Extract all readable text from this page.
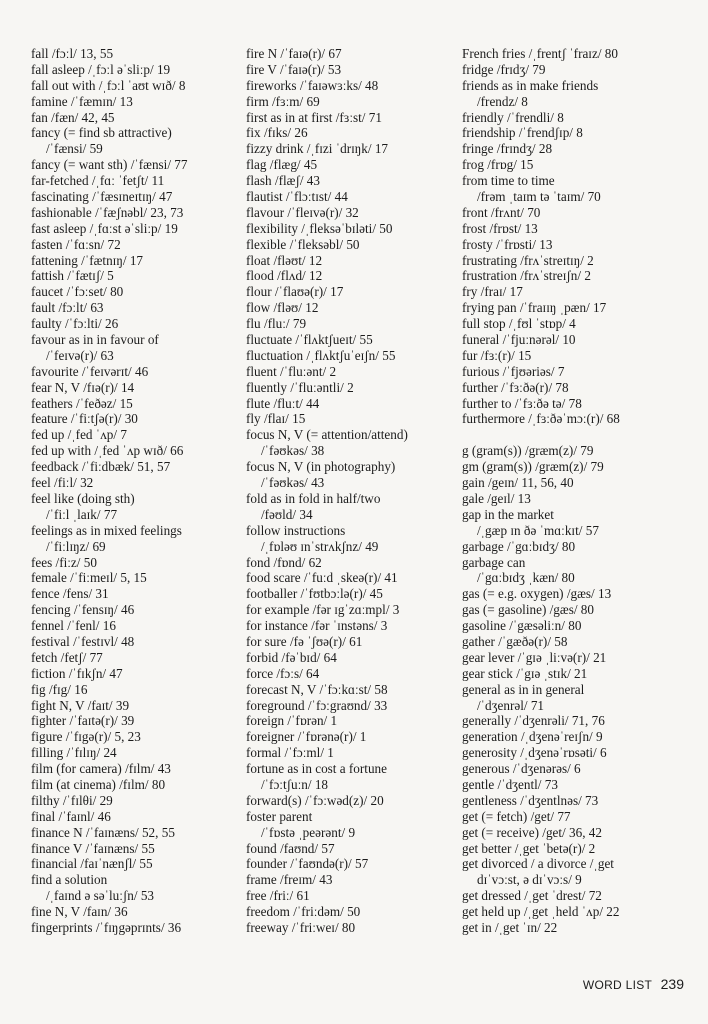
fall /fɔːl/ 13, 55
fall asleep /ˌfɔːl əˈsliːp/ 19
fall out with /ˌfɔːl ˈaʊt wɪð/ 8
famine /ˈfæmɪn/ 13
fan /fæn/ 42, 45
fancy (= find sb attractive)
/ˈfænsi/ 59
fancy (= want sth) /ˈfænsi/ 77
far-fetched /ˌfɑː ˈfetʃt/ 11
fascinating /ˈfæsɪneɪtɪŋ/ 47
fashionable /ˈfæʃnəbl/ 23, 73
fast asleep /ˌfɑːst əˈsliːp/ 19
fasten /ˈfɑːsn/ 72
fattening /ˈfætnɪŋ/ 17
fattish /ˈfætɪʃ/ 5
faucet /ˈfɔːset/ 80
fault /fɔːlt/ 63
faulty /ˈfɔːlti/ 26
favour as in in favour of
/ˈfeɪvə(r)/ 63
favourite /ˈfeɪvərɪt/ 46
fear N, V /fɪə(r)/ 14
feathers /ˈfeðəz/ 15
feature /ˈfiːtʃə(r)/ 30
fed up /ˌfed ˈʌp/ 7
fed up with /ˌfed ˈʌp wɪð/ 66
feedback /ˈfiːdbæk/ 51, 57
feel /fiːl/ 32
feel like (doing sth)
/ˈfiːl ˌlaɪk/ 77
feelings as in mixed feelings
/ˈfiːlɪŋz/ 69
fees /fiːz/ 50
female /ˈfiːmeɪl/ 5, 15
fence /fens/ 31
fencing /ˈfensɪŋ/ 46
fennel /ˈfenl/ 16
festival /ˈfestɪvl/ 48
fetch /fetʃ/ 77
fiction /ˈfɪkʃn/ 47
fig /fɪg/ 16
fight N, V /faɪt/ 39
fighter /ˈfaɪtə(r)/ 39
figure /ˈfɪgə(r)/ 5, 23
filling /ˈfɪlɪŋ/ 24
film (for camera) /fɪlm/ 43
film (at cinema) /fɪlm/ 80
filthy /ˈfɪlθi/ 29
final /ˈfaɪnl/ 46
finance N /ˈfaɪnæns/ 52, 55
finance V /ˈfaɪnæns/ 55
financial /faɪˈnænʃl/ 55
find a solution
/ˌfaɪnd ə səˈluːʃn/ 53
fine N, V /faɪn/ 36
fingerprints /ˈfɪŋgəprɪnts/ 36
fire N /ˈfaɪə(r)/ 67
fire V /ˈfaɪə(r)/ 53
fireworks /ˈfaɪəwɜːks/ 48
firm /fɜːm/ 69
first as in at first /fɜːst/ 71
fix /fɪks/ 26
fizzy drink /ˌfɪzi ˈdrɪŋk/ 17
flag /flæg/ 45
flash /flæʃ/ 43
flautist /ˈflɔːtɪst/ 44
flavour /ˈfleɪvə(r)/ 32
flexibility /ˌfleksəˈbɪləti/ 50
flexible /ˈfleksəbl/ 50
float /fləʊt/ 12
flood /flʌd/ 12
flour /ˈflaʊə(r)/ 17
flow /fləʊ/ 12
flu /fluː/ 79
fluctuate /ˈflʌktʃueɪt/ 55
fluctuation /ˌflʌktʃuˈeɪʃn/ 55
fluent /ˈfluːənt/ 2
fluently /ˈfluːəntli/ 2
flute /fluːt/ 44
fly /flaɪ/ 15
focus N, V (= attention/attend)
/ˈfəʊkəs/ 38
focus N, V (in photography)
/ˈfəʊkəs/ 43
fold as in fold in half/two
/fəʊld/ 34
follow instructions
/ˌfɒləʊ ɪnˈstrʌkʃnz/ 49
fond /fɒnd/ 62
food scare /ˈfuːd ˌskeə(r)/ 41
footballer /ˈfʊtbɔːlə(r)/ 45
for example /fər ɪgˈzɑːmpl/ 3
for instance /fər ˈɪnstəns/ 3
for sure /fə ˈʃʊə(r)/ 61
forbid /fəˈbɪd/ 64
force /fɔːs/ 64
forecast N, V /ˈfɔːkɑːst/ 58
foreground /ˈfɔːgraʊnd/ 33
foreign /ˈfɒrən/ 1
foreigner /ˈfɒrənə(r)/ 1
formal /ˈfɔːml/ 1
fortune as in cost a fortune
/ˈfɔːtʃuːn/ 18
forward(s) /ˈfɔːwəd(z)/ 20
foster parent
/ˈfɒstə ˌpeərənt/ 9
found /faʊnd/ 57
founder /ˈfaʊndə(r)/ 57
frame /freɪm/ 43
free /friː/ 61
freedom /ˈfriːdəm/ 50
freeway /ˈfriːweɪ/ 80
French fries /ˌfrentʃ ˈfraɪz/ 80
fridge /frɪdʒ/ 79
friends as in make friends
/frendz/ 8
friendly /ˈfrendli/ 8
friendship /ˈfrendʃɪp/ 8
fringe /frɪndʒ/ 28
frog /frɒg/ 15
from time to time
/frəm ˌtaɪm tə ˈtaɪm/ 70
front /frʌnt/ 70
frost /frɒst/ 13
frosty /ˈfrɒsti/ 13
frustrating /frʌˈstreɪtɪŋ/ 2
frustration /frʌˈstreɪʃn/ 2
fry /fraɪ/ 17
frying pan /ˈfraɪɪŋ ˌpæn/ 17
full stop /ˌfʊl ˈstɒp/ 4
funeral /ˈfjuːnərəl/ 10
fur /fɜː(r)/ 15
furious /ˈfjʊəriəs/ 7
further /ˈfɜːðə(r)/ 78
further to /ˈfɜːðə tə/ 78
furthermore /ˌfɜːðəˈmɔː(r)/ 68
g (gram(s)) /græm(z)/ 79
gm (gram(s)) /græm(z)/ 79
gain /geɪn/ 11, 56, 40
gale /geɪl/ 13
gap in the market
/ˌgæp ɪn ðə ˈmɑːkɪt/ 57
garbage /ˈgɑːbɪdʒ/ 80
garbage can
/ˈgɑːbɪdʒ ˌkæn/ 80
gas (= e.g. oxygen) /gæs/ 13
gas (= gasoline) /gæs/ 80
gasoline /ˈgæsəliːn/ 80
gather /ˈgæðə(r)/ 58
gear lever /ˈgɪə ˌliːvə(r)/ 21
gear stick /ˈgɪə ˌstɪk/ 21
general as in in general
/ˈdʒenrəl/ 71
generally /ˈdʒenrəli/ 71, 76
generation /ˌdʒenəˈreɪʃn/ 9
generosity /ˌdʒenəˈrɒsəti/ 6
generous /ˈdʒenərəs/ 6
gentle /ˈdʒentl/ 73
gentleness /ˈdʒentlnəs/ 73
get (= fetch) /get/ 77
get (= receive) /get/ 36, 42
get better /ˌget ˈbetə(r)/ 2
get divorced / a divorce /ˌget
dɪˈvɔːst, ə dɪˈvɔːs/ 9
get dressed /ˌget ˈdrest/ 72
get held up /ˌget ˌheld ˈʌp/ 22
get in /ˌget ˈɪn/ 22
WORD LIST 239
